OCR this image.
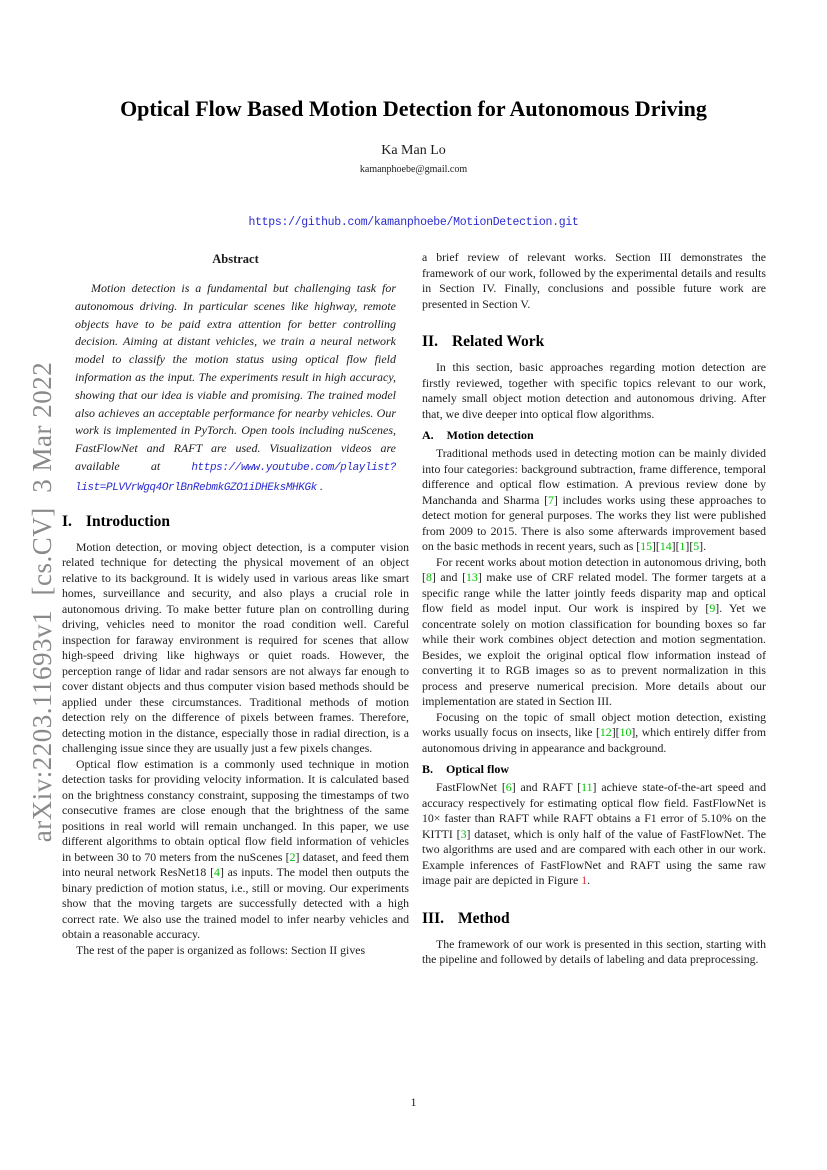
arXiv:2203.11693v1  [cs.CV]  3 Mar 2022
Optical Flow Based Motion Detection for Autonomous Driving
Ka Man Lo
kamanphoebe@gmail.com

https://github.com/kamanphoebe/MotionDetection.git
Abstract

Motion detection is a fundamental but challenging task for autonomous driving. In particular scenes like highway, remote objects have to be paid extra attention for better controlling decision. Aiming at distant vehicles, we train a neural network model to classify the motion status using optical flow field information as the input. The experiments result in high accuracy, showing that our idea is viable and promising. The trained model also achieves an acceptable performance for nearby vehicles. Our work is implemented in PyTorch. Open tools including nuScenes, FastFlowNet and RAFT are used. Visualization videos are available at https://www.youtube.com/playlist?list=PLVVrWgq4OrlBnRebmkGZO1iDHEksMHKGk .

I. Introduction

Motion detection, or moving object detection, is a computer vision related technique for detecting the physical movement of an object relative to its background. It is widely used in various areas like smart homes, surveillance and security, and also plays a crucial role in autonomous driving. To make better future plan on controlling during driving, vehicles need to monitor the road condition well. Careful inspection for faraway environment is required for scenes that allow high-speed driving like highways or quiet roads. However, the perception range of lidar and radar sensors are not always far enough to cover distant objects and thus computer vision based methods should be applied under these circumstances. Traditional methods of motion detection rely on the difference of pixels between frames. Therefore, detecting motion in the distance, especially those in radial direction, is a challenging issue since they are usually just a few pixels changes.

Optical flow estimation is a commonly used technique in motion detection tasks for providing velocity information. It is calculated based on the brightness constancy constraint, supposing the timestamps of two consecutive frames are close enough that the brightness of the same positions in real world will remain unchanged. In this paper, we use different algorithms to obtain optical flow field information of vehicles in between 30 to 70 meters from the nuScenes [2] dataset, and feed them into neural network ResNet18 [4] as inputs. The model then outputs the binary prediction of motion status, i.e., still or moving. Our experiments show that the moving targets are successfully detected with a high correct rate. We also use the trained model to infer nearby vehicles and obtain a reasonable accuracy.

The rest of the paper is organized as follows: Section II gives

a brief review of relevant works. Section III demonstrates the framework of our work, followed by the experimental details and results in Section IV. Finally, conclusions and possible future work are presented in Section V.

II. Related Work

In this section, basic approaches regarding motion detection are firstly reviewed, together with specific topics relevant to our work, namely small object motion detection and autonomous driving. After that, we dive deeper into optical flow algorithms.

A. Motion detection

Traditional methods used in detecting motion can be mainly divided into four categories: background subtraction, frame difference, temporal difference and optical flow estimation. A previous review done by Manchanda and Sharma [7] includes works using these approaches to detect motion for general purposes. The works they list were published from 2009 to 2015. There is also some afterwards improvement based on the basic methods in recent years, such as [15][14][1][5].

For recent works about motion detection in autonomous driving, both [8] and [13] make use of CRF related model. The former targets at a specific range while the latter jointly feeds disparity map and optical flow field as model input. Our work is inspired by [9]. Yet we concentrate solely on motion classification for bounding boxes so far while their work combines object detection and motion segmentation. Besides, we exploit the original optical flow information instead of converting it to RGB images so as to prevent normalization in this process and preserve numerical precision. More details about our implementation are stated in Section III.

Focusing on the topic of small object motion detection, existing works usually focus on insects, like [12][10], which entirely differ from autonomous driving in appearance and background.

B. Optical flow

FastFlowNet [6] and RAFT [11] achieve state-of-the-art speed and accuracy respectively for estimating optical flow field. FastFlowNet is 10× faster than RAFT while RAFT obtains a F1 error of 5.10% on the KITTI [3] dataset, which is only half of the value of FastFlowNet. The two algorithms are used and are compared with each other in our work. Example inferences of FastFlowNet and RAFT using the same raw image pair are depicted in Figure 1.

III. Method

The framework of our work is presented in this section, starting with the pipeline and followed by details of labeling and data preprocessing.

1
